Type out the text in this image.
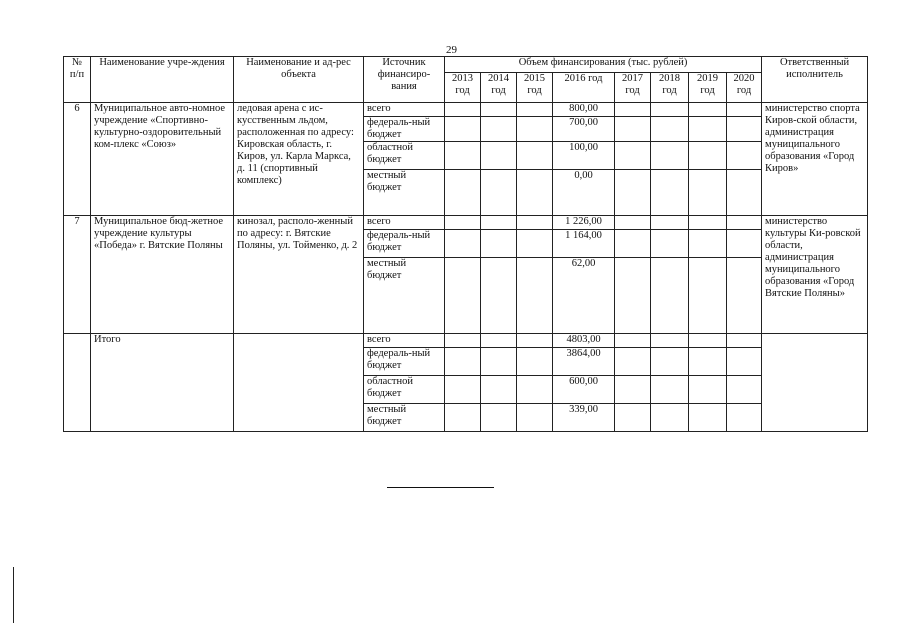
29
№ п/п	Наименование учре-ждения	Наименование и ад-рес объекта	Источник финансиро-вания	Объем финансирования (тыс. рублей)								Ответственный исполнитель
				2013 год	2014 год	2015 год	2016 год	2017 год	2018 год	2019 год	2020 год	
6	Муниципальное авто-номное учреждение «Спортивно-культурно-оздоровительный ком-плекс «Союз»	ледовая арена с ис-кусственным льдом, расположенная по адресу: Кировская область, г. Киров, ул. Карла Маркса, д. 11 (спортивный комплекс)	всего				800,00					министерство спорта Киров-ской области, администрация муниципального образования «Город Киров»
			федераль-ный бюджет				700,00					
			областной бюджет				100,00					
			местный бюджет				0,00					
7	Муниципальное бюд-жетное учреждение культуры «Победа» г. Вятские Поляны	кинозал, располо-женный по адресу: г. Вятские Поляны, ул. Тойменко, д. 2	всего				1 226,00					министерство культуры Ки-ровской области, администрация муниципального образования «Город Вятские Поляны»
			федераль-ный бюджет				1 164,00					
			местный бюджет				62,00					
	Итого		всего				4803,00					
			федераль-ный бюджет				3864,00					
			областной бюджет				600,00					
			местный бюджет				339,00					
